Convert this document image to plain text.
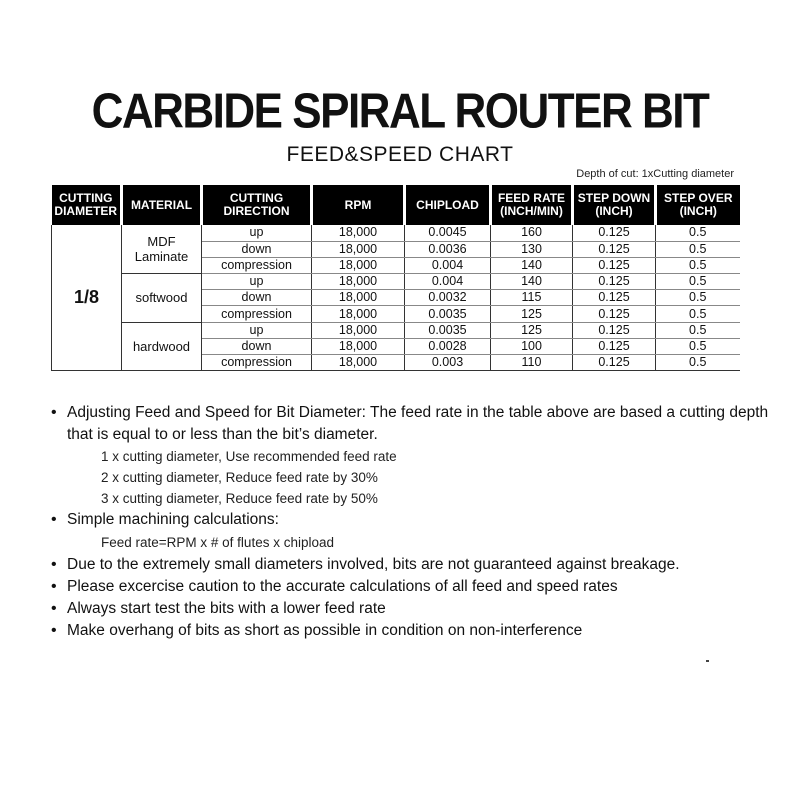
CARBIDE SPIRAL ROUTER BIT
FEED&SPEED CHART
Depth of cut: 1xCutting diameter
CUTTING DIAMETER	MATERIAL	CUTTING DIRECTION	RPM	CHIPLOAD	FEED RATE (INCH/MIN)	STEP DOWN (INCH)	STEP OVER (INCH)
1/8	MDF Laminate	up	18,000	0.0045	160	0.125	0.5
		down	18,000	0.0036	130	0.125	0.5
		compression	18,000	0.004	140	0.125	0.5
	softwood	up	18,000	0.004	140	0.125	0.5
		down	18,000	0.0032	115	0.125	0.5
		compression	18,000	0.0035	125	0.125	0.5
	hardwood	up	18,000	0.0035	125	0.125	0.5
		down	18,000	0.0028	100	0.125	0.5
		compression	18,000	0.003	110	0.125	0.5
• Adjusting Feed and Speed for Bit Diameter: The feed rate in the table above are based a cutting depth that is equal to or less than the bit’s diameter.
1 x cutting diameter, Use recommended feed rate
2 x cutting diameter, Reduce feed rate by 30%
3 x cutting diameter, Reduce feed rate by 50%
• Simple machining calculations:
Feed rate=RPM x # of flutes x chipload
• Due to the extremely small diameters involved, bits are not guaranteed against breakage.
• Please excercise caution to the accurate calculations of all feed and speed rates
• Always start test the bits with a lower feed rate
• Make overhang of bits as short as possible in condition on non-interference
